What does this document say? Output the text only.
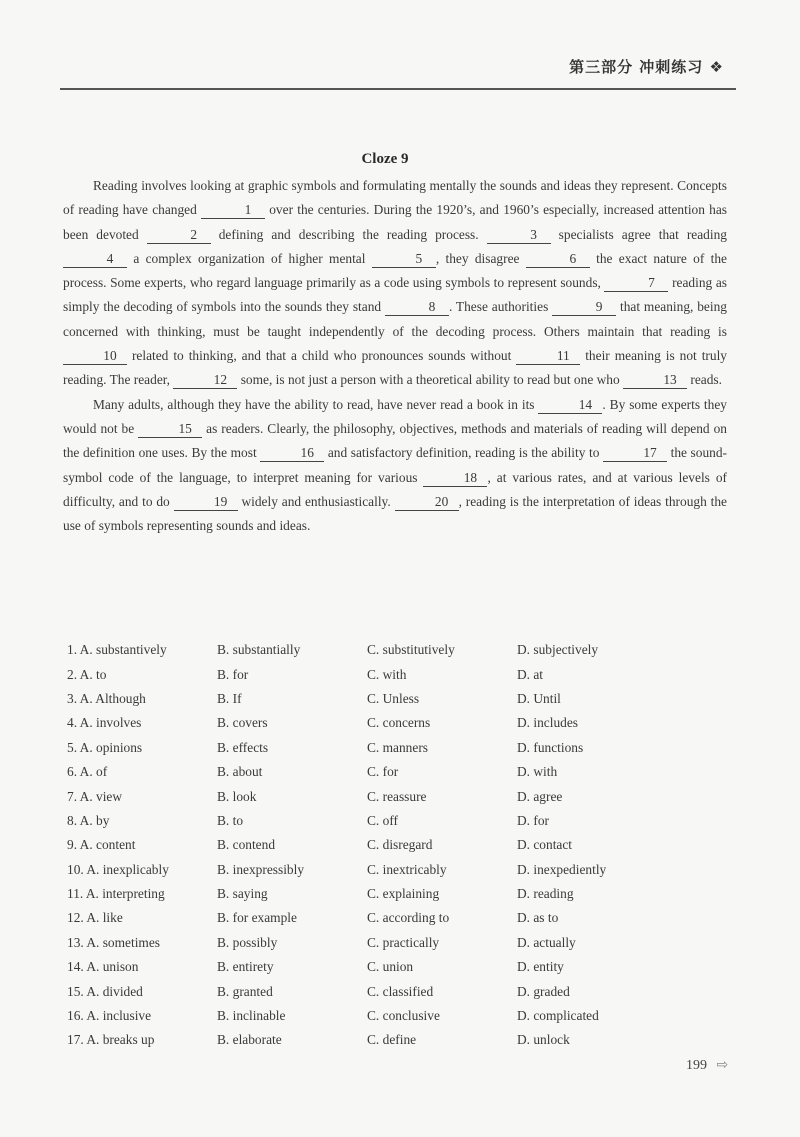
第三部分 冲刺练习 ❖
Cloze 9

Reading involves looking at graphic symbols and formulating mentally the sounds and ideas they represent. Concepts of reading have changed	1 over the centuries. During the 1920’s, and 1960’s especially, increased attention has been devoted	2 defining and describing the reading process.	3 specialists agree that reading 4 a complex organization of higher mental	5 , they disagree	6 the exact nature of the process. Some experts, who regard language primarily as a code using symbols to represent sounds,	7 reading as simply the decoding of symbols into the sounds they stand	8 . These authorities	9 that meaning, being concerned with thinking, must be taught independently of the decoding process. Others maintain that reading is 10 related to thinking, and that a child who pronounces sounds without	11 their meaning is not truly reading. The reader,	12 some, is not just a person with a theoretical ability to read but one who	13 reads.

Many adults, although they have the ability to read, have never read a book in its	14 . By some experts they would not be	15 as readers. Clearly, the philosophy, objectives, methods and materials of reading will depend on the definition one uses. By the most	16 and satisfactory definition, reading is the ability to	17 the sound-symbol code of the language, to interpret meaning for various	18 , at various rates, and at various levels of difficulty, and to do	19 widely and enthusiastically.	20 , reading is the interpretation of ideas through the use of symbols representing sounds and ideas.

1. A. substantively	B. substantially	C. substitutively	D. subjectively
2. A. to	B. for	C. with	D. at
3. A. Although	B. If	C. Unless	D. Until
4. A. involves	B. covers	C. concerns	D. includes
5. A. opinions	B. effects	C. manners	D. functions
6. A. of	B. about	C. for	D. with
7. A. view	B. look	C. reassure	D. agree
8. A. by	B. to	C. off	D. for
9. A. content	B. contend	C. disregard	D. contact
10. A. inexplicably	B. inexpressibly	C. inextricably	D. inexpediently
11. A. interpreting	B. saying	C. explaining	D. reading
12. A. like	B. for example	C. according to	D. as to
13. A. sometimes	B. possibly	C. practically	D. actually
14. A. unison	B. entirety	C. union	D. entity
15. A. divided	B. granted	C. classified	D. graded
16. A. inclusive	B. inclinable	C. conclusive	D. complicated
17. A. breaks up	B. elaborate	C. define	D. unlock
199 ⇨
